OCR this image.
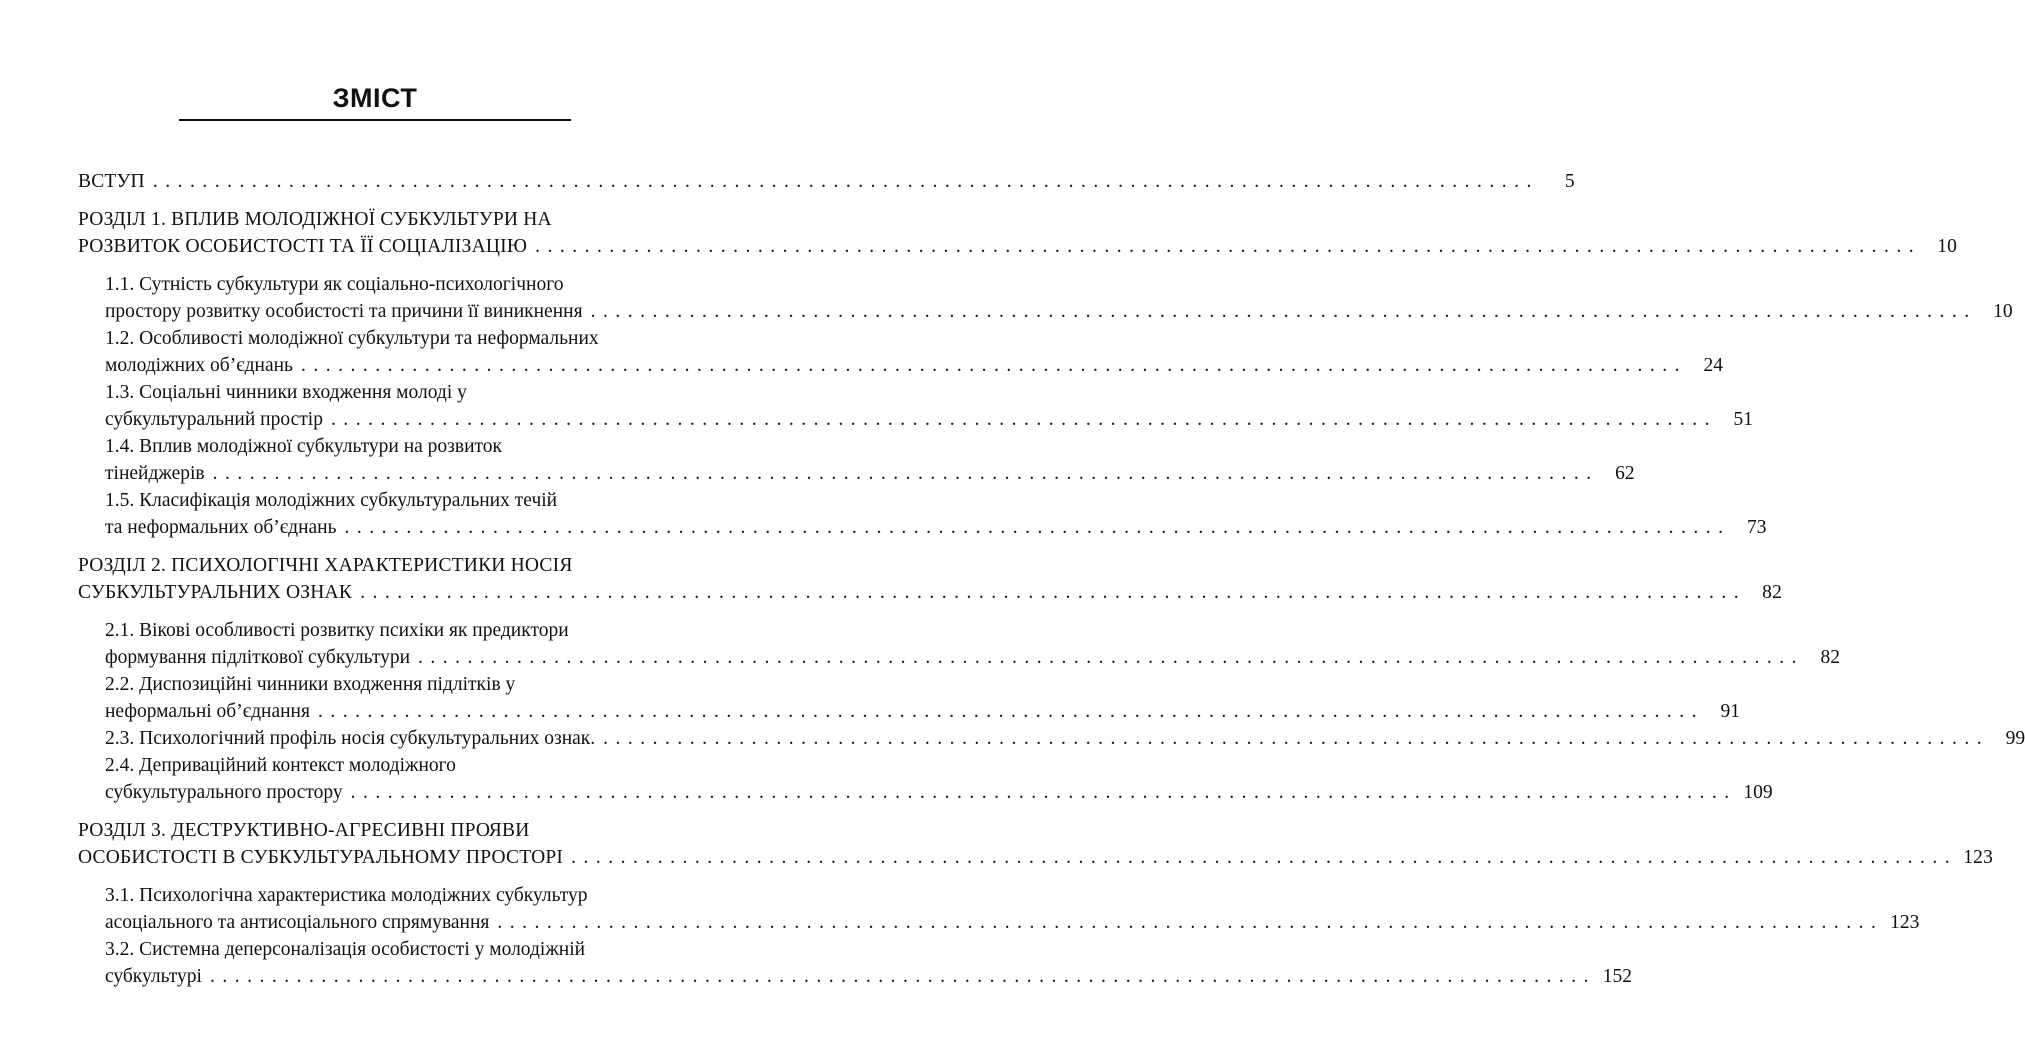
ЗМІСТ
ВСТУП ................................................................................................................	5
РОЗДІЛ 1. ВПЛИВ МОЛОДІЖНОЇ СУБКУЛЬТУРИ НА
РОЗВИТОК ОСОБИСТОСТІ ТА ЇЇ СОЦІАЛІЗАЦІЮ ................................................................................................................ 10
1.1. Сутність субкультури як соціально-психологічного
простору розвитку особистості та причини її виникнення ................................................................................................................ 10
1.2. Особливості молодіжної субкультури та неформальних
молодіжних об’єднань ................................................................................................................ 24
1.3. Соціальні чинники входження молоді у
субкультуральний простір ................................................................................................................ 51
1.4. Вплив молодіжної субкультури на розвиток
тінейджерів ................................................................................................................ 62
1.5. Класифікація молодіжних субкультуральних течій
та неформальних об’єднань ................................................................................................................ 73
РОЗДІЛ 2. ПСИХОЛОГІЧНІ ХАРАКТЕРИСТИКИ НОСІЯ
СУБКУЛЬТУРАЛЬНИХ ОЗНАК ................................................................................................................ 82
2.1. Вікові особливості розвитку психіки як предиктори
формування підліткової субкультури ................................................................................................................ 82
2.2. Диспозиційні чинники входження підлітків у
неформальні об’єднання ................................................................................................................ 91
2.3. Психологічний профіль носія субкультуральних ознак. ................................................................................................................ 99
2.4. Деприваційний контекст молодіжного
субкультурального простору ................................................................................................................ 109
РОЗДІЛ 3. ДЕСТРУКТИВНО-АГРЕСИВНІ ПРОЯВИ
ОСОБИСТОСТІ В СУБКУЛЬТУРАЛЬНОМУ ПРОСТОРІ ................................................................................................................ 123
3.1. Психологічна характеристика молодіжних субкультур
асоціального та антисоціального спрямування ................................................................................................................ 123
3.2. Системна деперсоналізація особистості у молодіжній
субкультурі ................................................................................................................ 152
